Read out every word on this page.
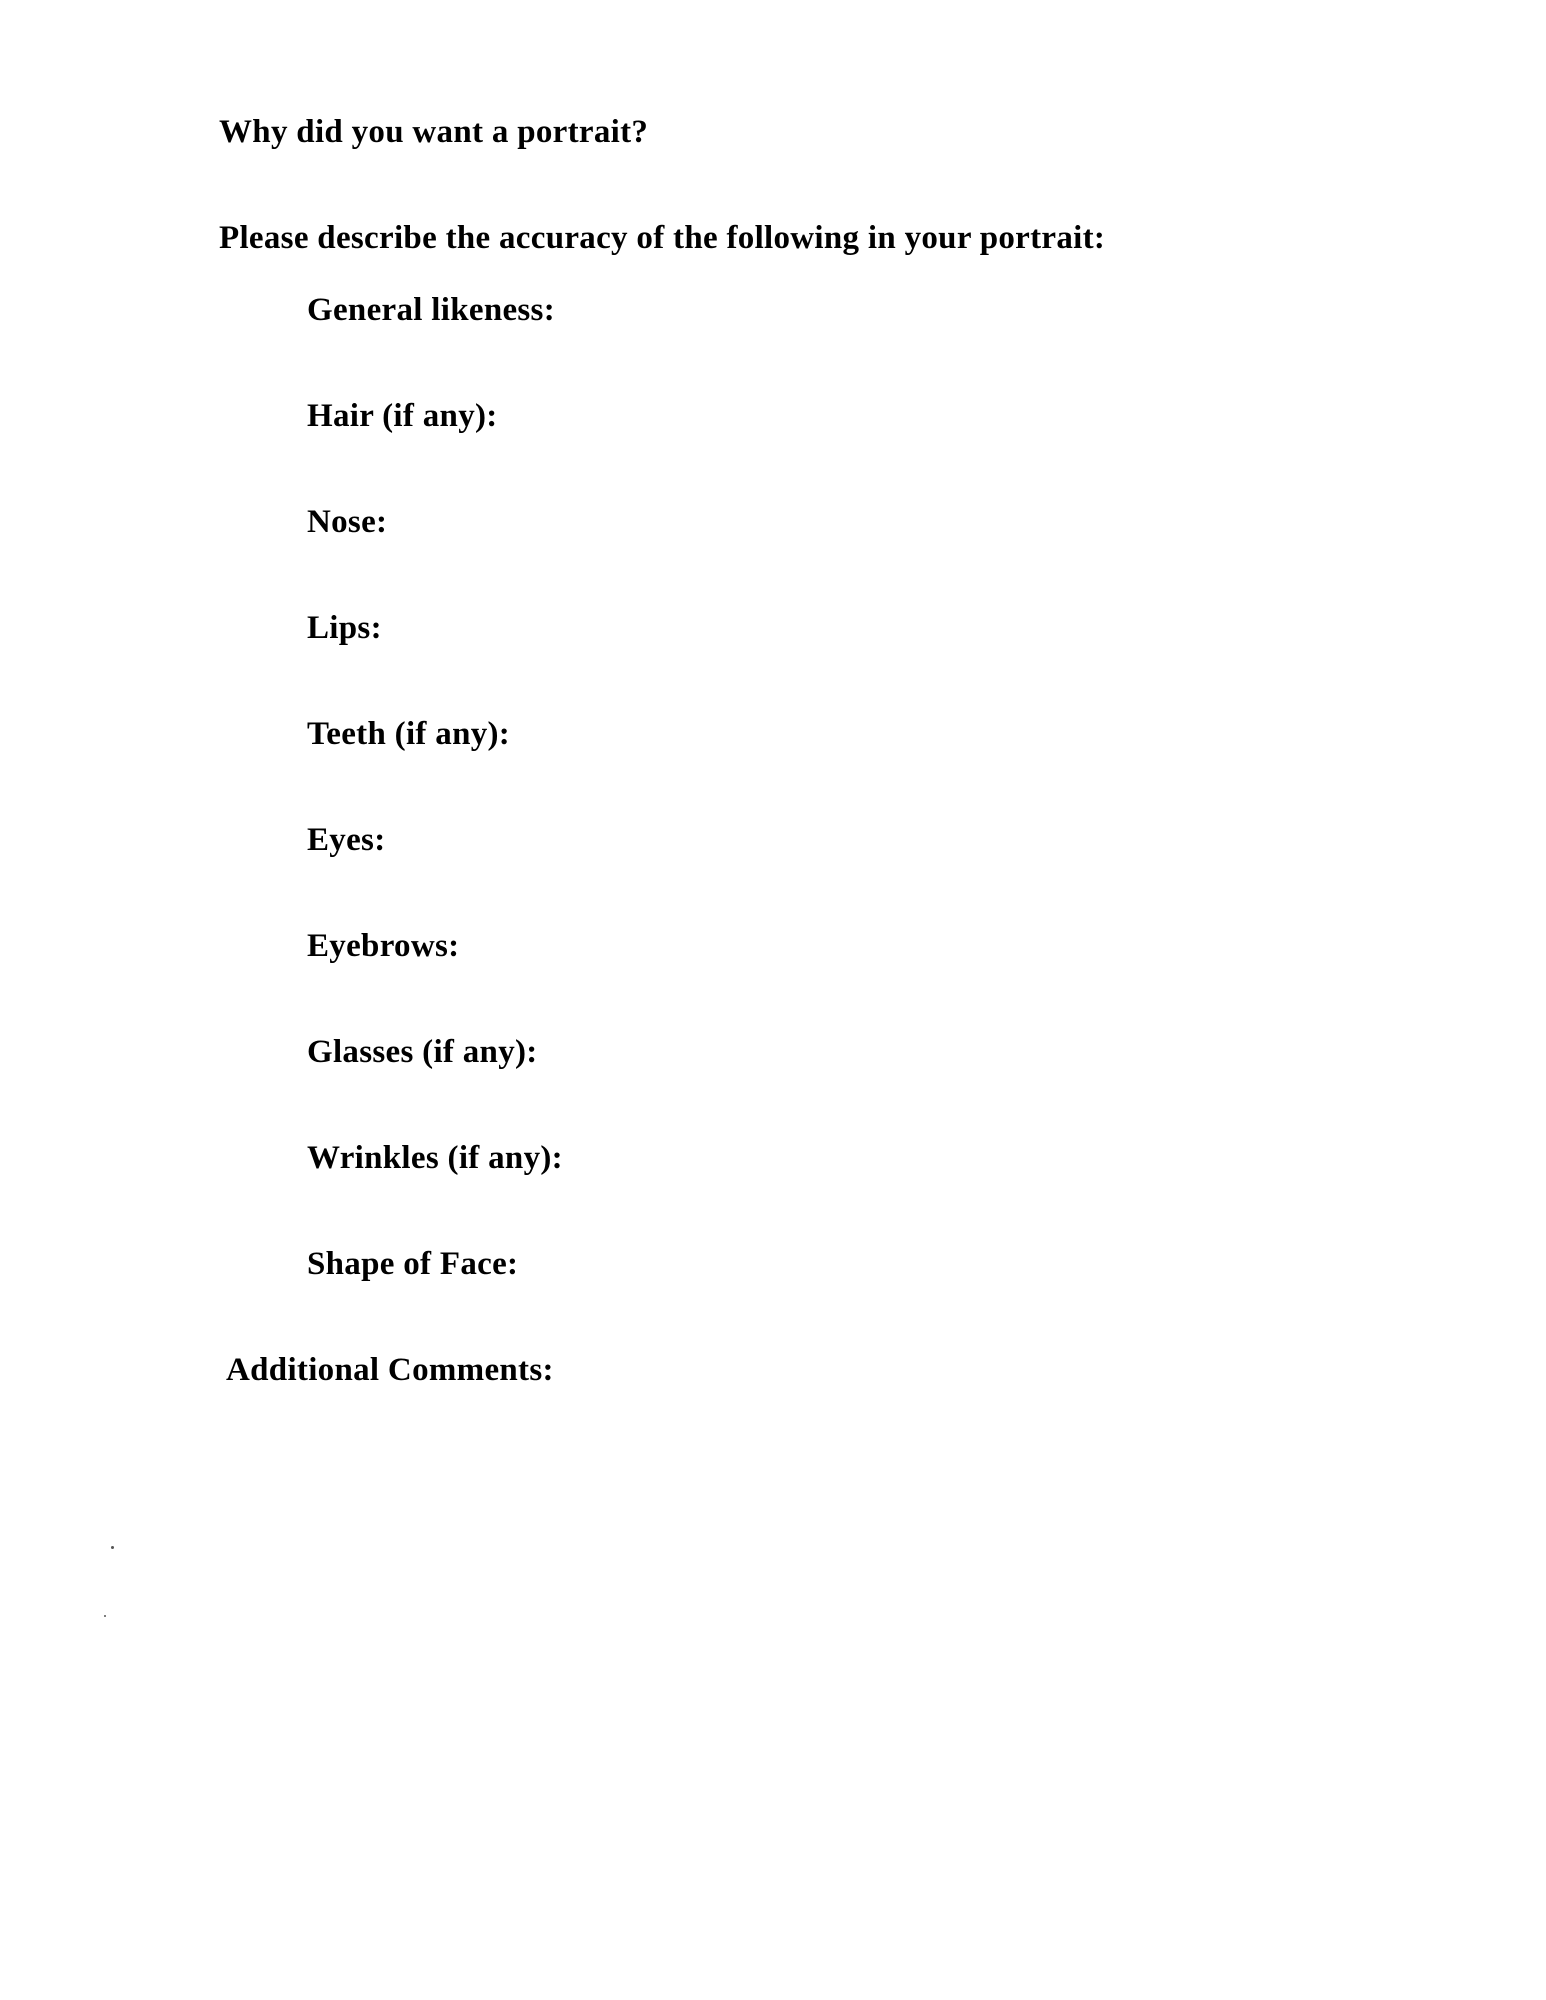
Why did you want a portrait?
Please describe the accuracy of the following in your portrait:
General likeness:
Hair (if any):
Nose:
Lips:
Teeth (if any):
Eyes:
Eyebrows:
Glasses (if any):
Wrinkles (if any):
Shape of Face:
Additional Comments:
